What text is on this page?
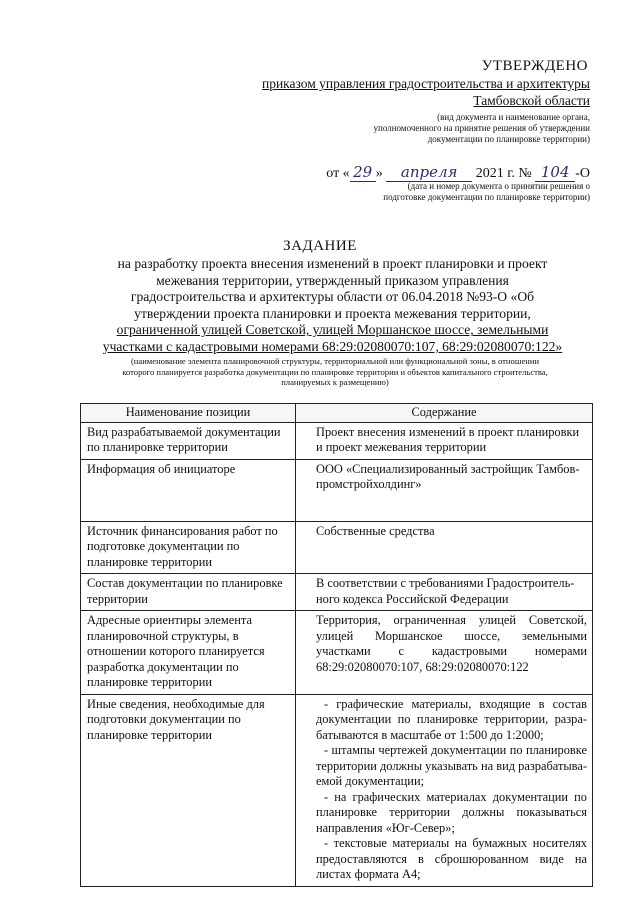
УТВЕРЖДЕНО
приказом управления градостроительства и архитектуры
Тамбовской области
(вид документа и наименование органа,
уполномоченного на принятие решения об утверждении
документации по планировке территории)
от « 29 » апреля 2021 г. № 104 -О
(дата и номер документа о принятии решения о
подготовке документации по планировке территории)
ЗАДАНИЕ
на разработку проекта внесения изменений в проект планировки и проект
межевания территории, утвержденный приказом управления
градостроительства и архитектуры области от 06.04.2018 №93-О «Об
утверждении проекта планировки и проекта межевания территории,
ограниченной улицей Советской, улицей Моршанское шоссе, земельными
участками с кадастровыми номерами 68:29:02080070:107, 68:29:02080070:122»
(наименование элемента планировочной структуры, территориальной или функциональной зоны, в отношении
которого планируется разработка документации по планировке территории и объектов капитального строительства,
планируемых к размещению)
Наименование позиции	Содержание
Вид разрабатываемой документации по планировке территории	Проект внесения изменений в проект планировки и проект межевания территории
Информация об инициаторе	ООО «Специализированный застройщик Тамбов-промстройхолдинг»
Источник финансирования работ по подготовке документации по планировке территории	Собственные средства
Состав документации по планировке территории	В соответствии с требованиями Градостроитель-ного кодекса Российской Федерации
Адресные ориентиры элемента планировочной структуры, в отношении которого планируется разработка документации по планировке территории	Территория, ограниченная улицей Советской, улицей Моршанское шоссе, земельными участками с кадастровыми номерами 68:29:02080070:107, 68:29:02080070:122
Иные сведения, необходимые для подготовки документации по планировке территории	- графические материалы, входящие в состав документации по планировке территории, разра-батываются в масштабе от 1:500 до 1:2000;
- штампы чертежей документации по планировке территории должны указывать на вид разрабатыва-емой документации;
- на графических материалах документации по планировке территории должны показываться направления «Юг-Север»;
- текстовые материалы на бумажных носителях предоставляются в сброшюрованном виде на листах формата А4;
